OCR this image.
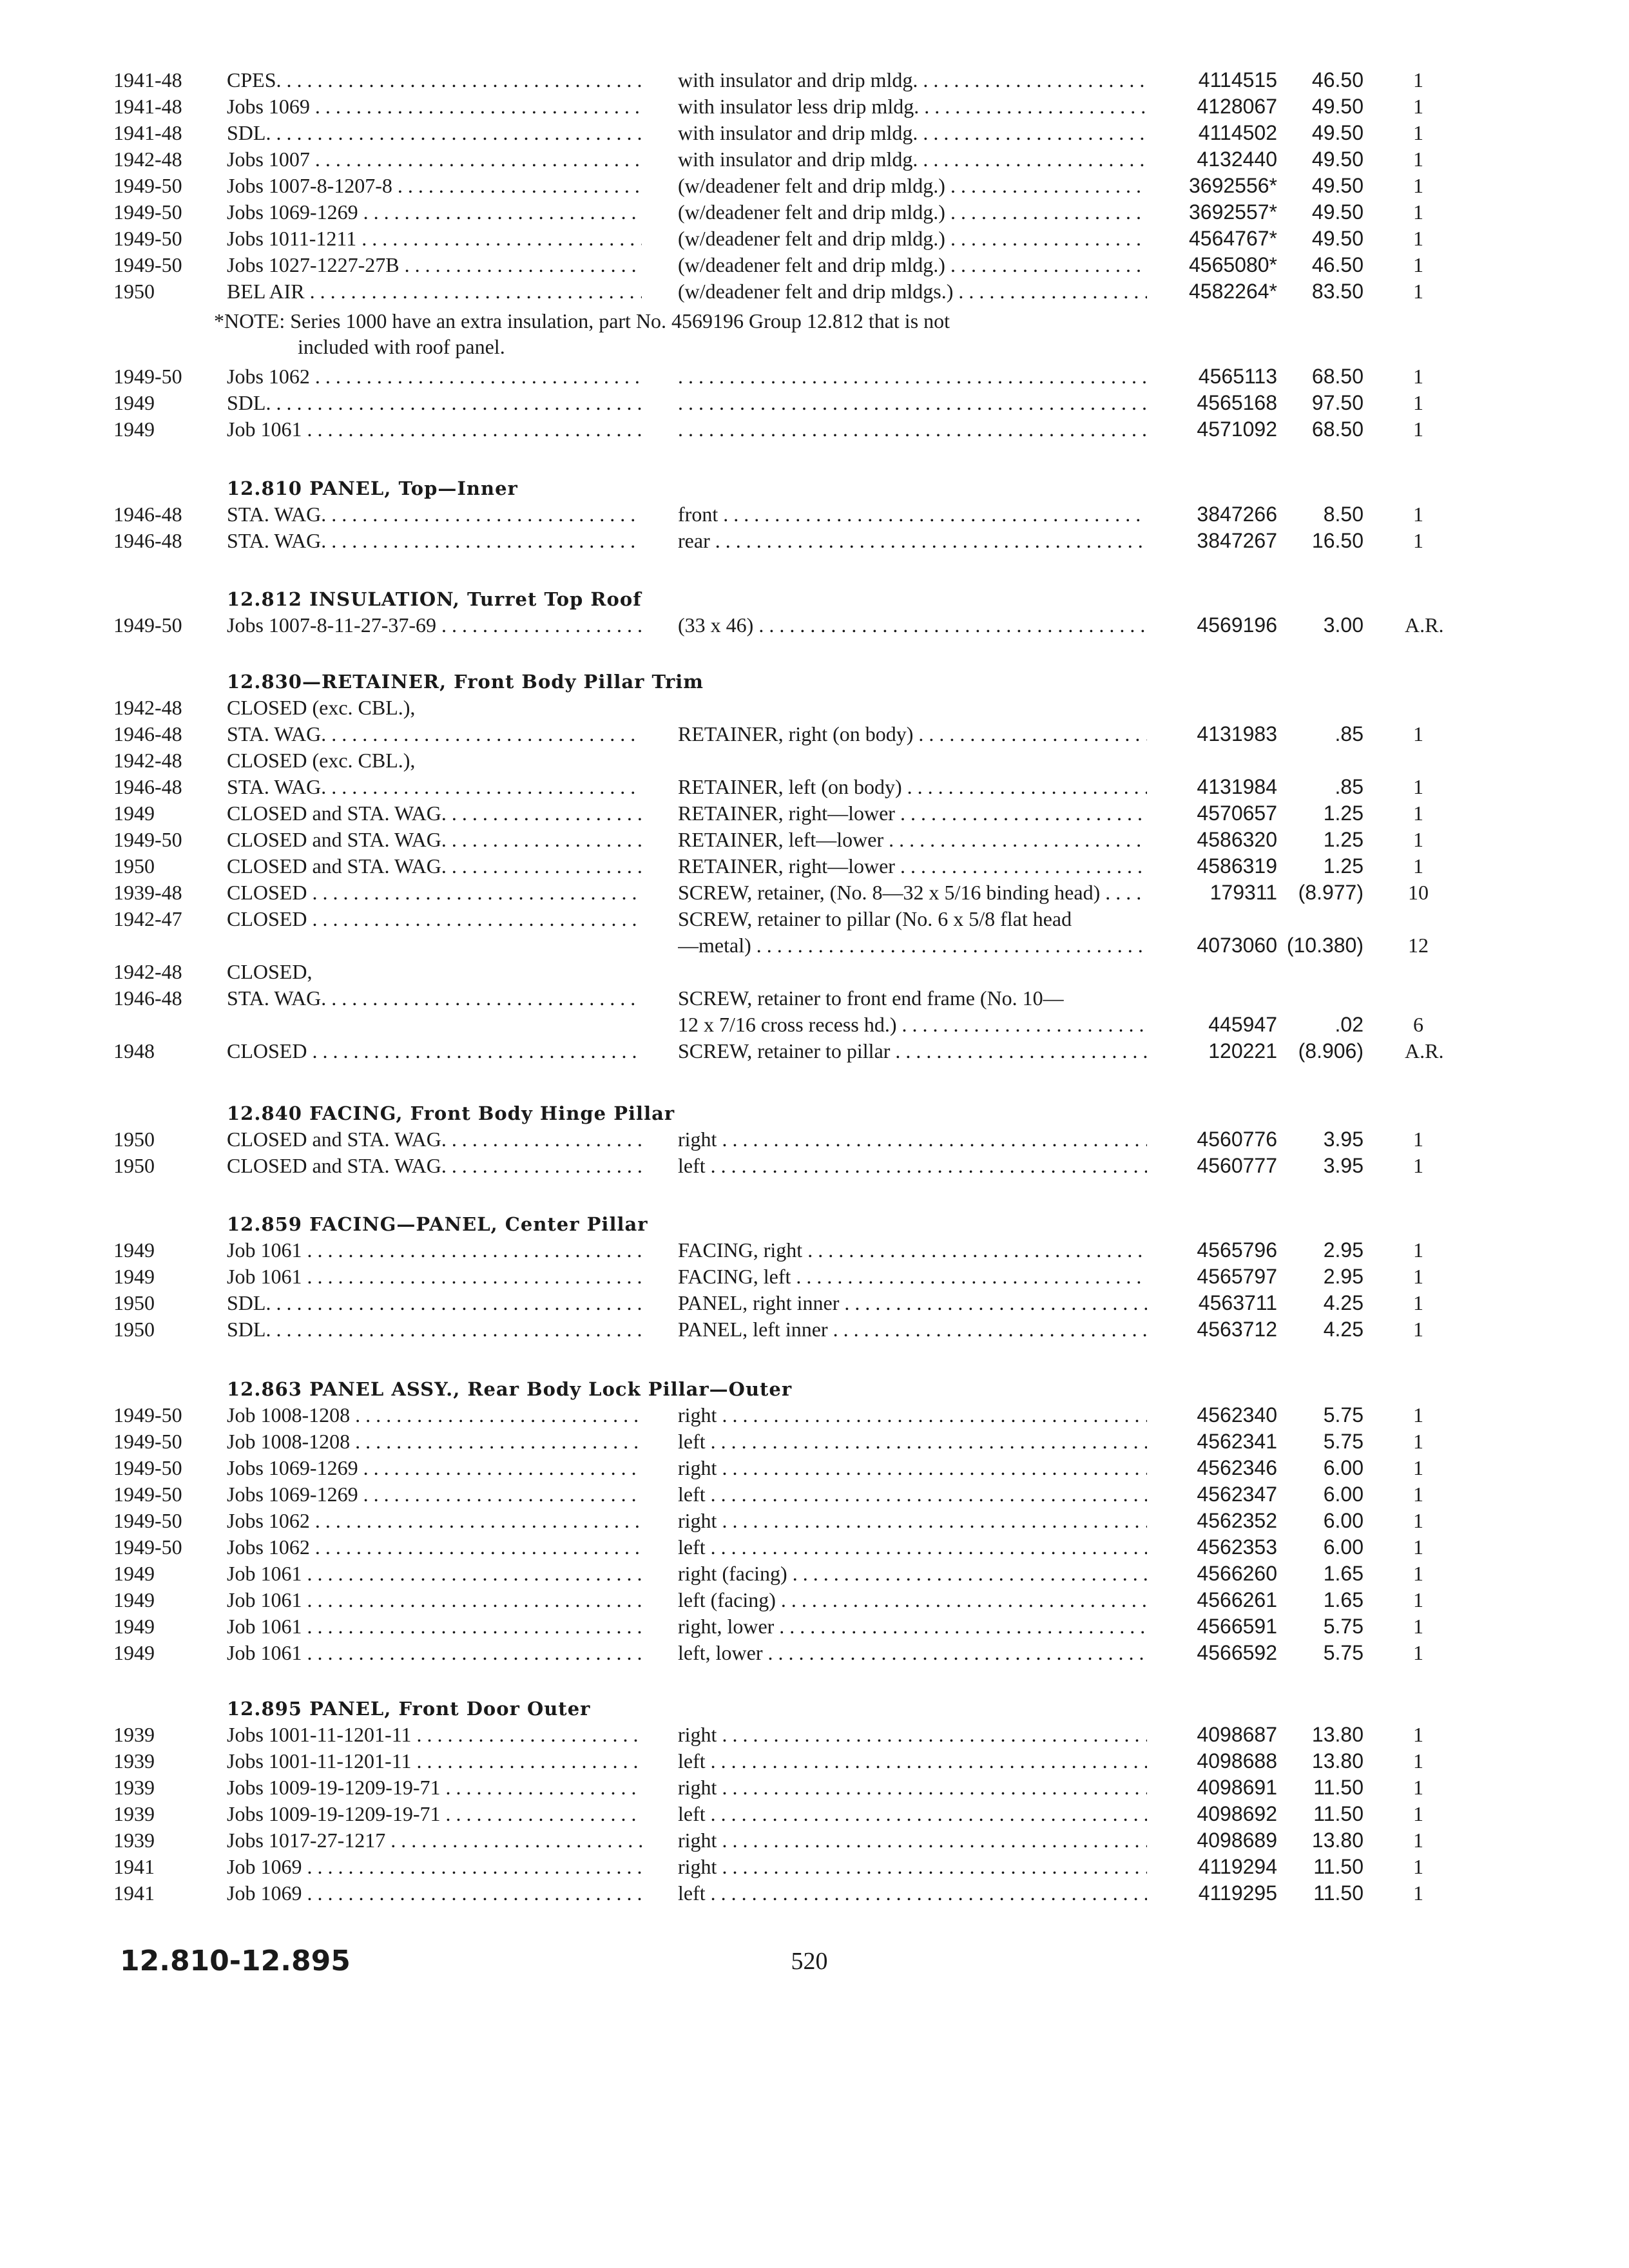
1941-48 CPES. . . .	with insulator and drip mldg. . . .	4114515	46.50	1
1941-48 Jobs 1069 . . .	with insulator less drip mldg. . . .	4128067	49.50	1
1941-48 SDL. . . .	with insulator and drip mldg. . . .	4114502	49.50	1
1942-48 Jobs 1007 . . .	with insulator and drip mldg. . . .	4132440	49.50	1
1949-50 Jobs 1007-8-1207-8 . . .	(w/deadener felt and drip mldg.) . . .	3692556*	49.50	1
1949-50 Jobs 1069-1269 . . .	(w/deadener felt and drip mldg.) . . .	3692557*	49.50	1
1949-50 Jobs 1011-1211 . . .	(w/deadener felt and drip mldg.) . . .	4564767*	49.50	1
1949-50 Jobs 1027-1227-27B . . .	(w/deadener felt and drip mldg.) . . .	4565080*	46.50	1
1950	BEL AIR . . .	(w/deadener felt and drip mldgs.) . . .	4582264*	83.50	1
*NOTE: Series 1000 have an extra insulation, part No. 4569196 Group 12.812 that is not
included with roof panel.
1949-50 Jobs 1062 . . . . . .	4565113	68.50	1
1949	SDL. . . . . . .	4565168	97.50	1
1949	Job 1061 . . . . . .	4571092	68.50	1
12.810 PANEL, Top—Inner
1946-48 STA. WAG. . . .	front . . .	3847266	8.50	1
1946-48 STA. WAG. . . .	rear . . .	3847267	16.50	1
12.812 INSULATION, Turret Top Roof
1949-50 Jobs 1007-8-11-27-37-69 . . .	(33 x 46) . . .	4569196	3.00 A.R.
12.830—RETAINER, Front Body Pillar Trim
1942-48 CLOSED (exc. CBL.),
1946-48 STA. WAG. . . .	RETAINER, right (on body) . . .	4131983	.85	1
1942-48 CLOSED (exc. CBL.),
1946-48 STA. WAG. . . .	RETAINER, left (on body) . . .	4131984	.85	1
1949	CLOSED and STA. WAG. . . .	RETAINER, right—lower . . .	4570657	1.25	1
1949-50 CLOSED and STA. WAG. . . .	RETAINER, left—lower . . .	4586320	1.25	1
1950	CLOSED and STA. WAG. . . .	RETAINER, right—lower . . .	4586319	1.25	1
1939-48 CLOSED . . .	SCREW, retainer, (No. 8—32 x 5/16 binding head) . . .	179311	(8.977) 10
1942-47 CLOSED . . .	SCREW, retainer to pillar (No. 6 x 5/8 flat head
—metal) . . .	4073060 (10.380) 12
1942-48 CLOSED,
1946-48 STA. WAG. . . .	SCREW, retainer to front end frame (No. 10—
12 x 7/16 cross recess hd.) . . .	445947	.02	6
1948	CLOSED . . .	SCREW, retainer to pillar . . .	120221	(8.906) A.R.
12.840 FACING, Front Body Hinge Pillar
1950	CLOSED and STA. WAG. . . .	right . . .	4560776	3.95	1
1950	CLOSED and STA. WAG. . . .	left . . .	4560777	3.95	1
12.859 FACING—PANEL, Center Pillar
1949	Job 1061 . . .	FACING, right . . .	4565796	2.95	1
1949	Job 1061 . . .	FACING, left . . .	4565797	2.95	1
1950	SDL. . . .	PANEL, right inner . . .	4563711	4.25	1
1950	SDL. . . .	PANEL, left inner . . .	4563712	4.25	1
12.863 PANEL ASSY., Rear Body Lock Pillar—Outer
1949-50 Job 1008-1208 . . .	right . . .	4562340	5.75	1
1949-50 Job 1008-1208 . . .	left . . .	4562341	5.75	1
1949-50 Jobs 1069-1269 . . .	right . . .	4562346	6.00	1
1949-50 Jobs 1069-1269 . . .	left . . .	4562347	6.00	1
1949-50 Jobs 1062 . . .	right . . .	4562352	6.00	1
1949-50 Jobs 1062 . . .	left . . .	4562353	6.00	1
1949	Job 1061 . . .	right (facing) . . .	4566260	1.65	1
1949	Job 1061 . . .	left (facing) . . .	4566261	1.65	1
1949	Job 1061 . . .	right, lower . . .	4566591	5.75	1
1949	Job 1061 . . .	left, lower . . .	4566592	5.75	1
12.895 PANEL, Front Door Outer
1939	Jobs 1001-11-1201-11 . . .	right . . .	4098687	13.80	1
1939	Jobs 1001-11-1201-11 . . .	left . . .	4098688	13.80	1
1939	Jobs 1009-19-1209-19-71 . . .	right . . .	4098691	11.50	1
1939	Jobs 1009-19-1209-19-71 . . .	left . . .	4098692	11.50	1
1939	Jobs 1017-27-1217 . . .	right . . .	4098689	13.80	1
1941	Job 1069 . . .	right . . .	4119294	11.50	1
1941	Job 1069 . . .	left . . .	4119295	11.50	1
12.810-12.895	520
